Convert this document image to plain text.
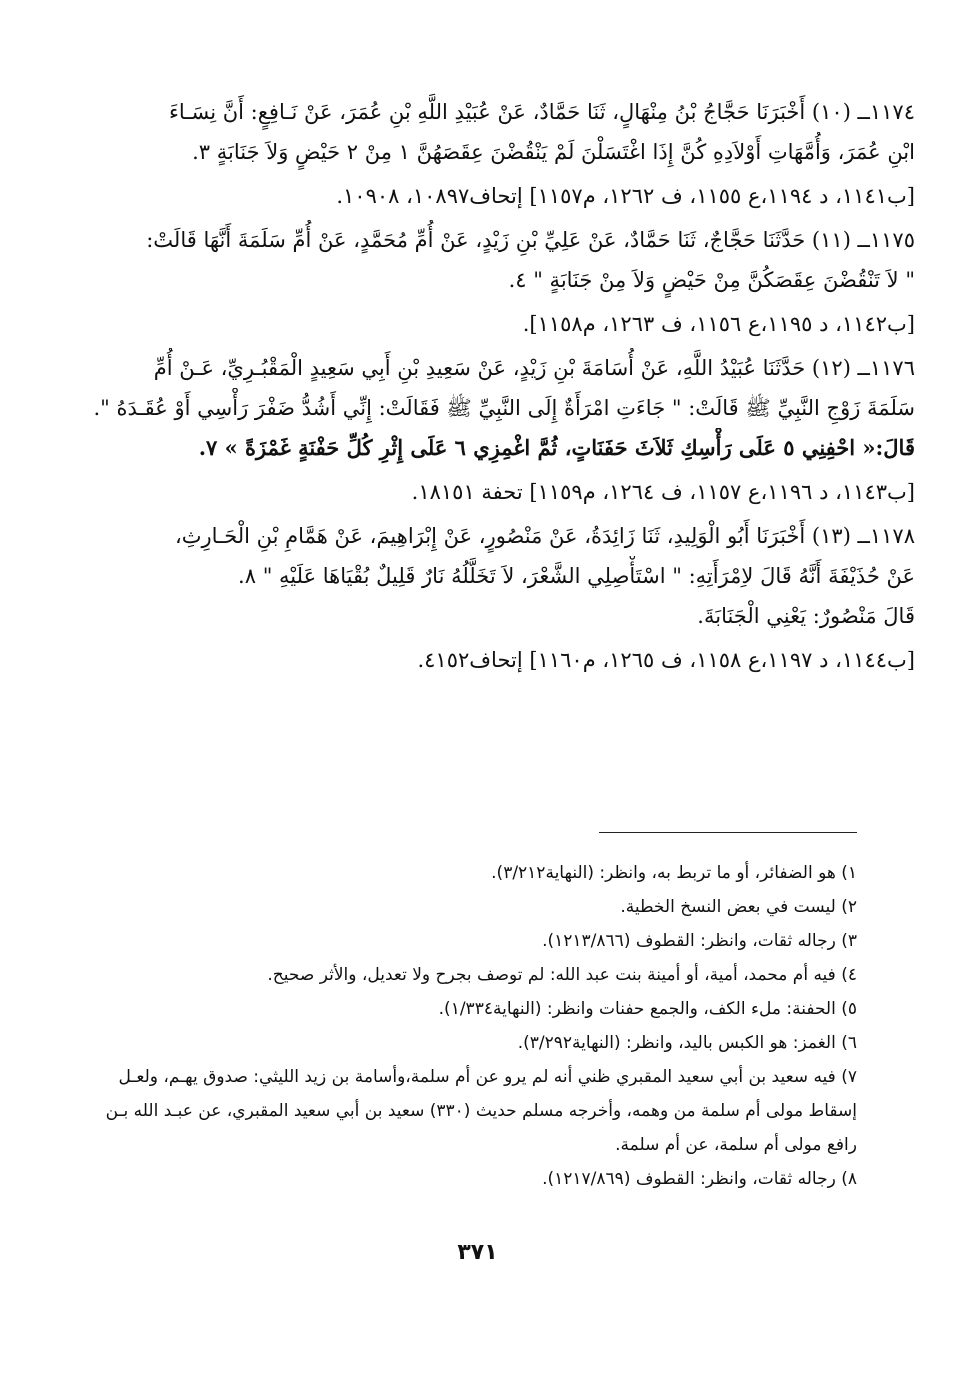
١١٧٤ــ (١٠) أَخْبَرَنَا حَجَّاجُ بْنُ مِنْهَالٍ، ثَنَا حَمَّادٌ، عَنْ عُبَيْدِ اللَّهِ بْنِ عُمَرَ، عَنْ نَـافِعٍ: أَنَّ نِسَـاءَ
ابْنِ عُمَرَ، وَأُمَّهَاتِ أَوْلاَدِهِ كُنَّ إِذَا اغْتَسَلْنَ لَمْ يَنْقُضْنَ عِقَصَهُنَّ ١ مِنْ ٢ حَيْضٍ وَلاَ جَنَابَةٍ ٣.
[ب١١٤١، د ١١٩٤،ع ١١٥٥، ف ١٢٦٢، م١١٥٧] إتحاف١٠٨٩٧، ١٠٩٠٨.
١١٧٥ــ (١١) حَدَّثَنَا حَجَّاجٌ، ثَنَا حَمَّادٌ، عَنْ عَلِيِّ بْنِ زَيْدٍ، عَنْ أُمِّ مُحَمَّدٍ، عَنْ أُمِّ سَلَمَةَ أَنَّهَا قَالَتْ:
" لاَ تَنْقُضْنَ عِقَصَكُنَّ مِنْ حَيْضٍ وَلاَ مِنْ جَنَابَةٍ " ٤.
[ب١١٤٢، د ١١٩٥،ع ١١٥٦، ف ١٢٦٣، م١١٥٨].
١١٧٦ــ (١٢) حَدَّثَنَا عُبَيْدُ اللَّهِ، عَنْ أُسَامَةَ بْنِ زَيْدٍ، عَنْ سَعِيدِ بْنِ أَبِي سَعِيدٍ الْمَقْبُـرِيِّ، عَـنْ أُمِّ
سَلَمَةَ زَوْجِ النَّبِيِّ ﷺ قَالَتْ: " جَاءَتِ امْرَأَةٌ إِلَى النَّبِيِّ ﷺ فَقَالَتْ: إِنِّي أَشُدُّ ضَفْرَ رَأْسِي أَوْ عُقَـدَهُ ".
قَالَ:« احْفِنِي ٥ عَلَى رَأْسِكِ ثَلاَثَ حَفَنَاتٍ، ثُمَّ اغْمِزِي ٦ عَلَى إِثْرِ كُلِّ حَفْنَةٍ غَمْزَةً » ٧.
[ب١١٤٣، د ١١٩٦،ع ١١٥٧، ف ١٢٦٤، م١١٥٩] تحفة ١٨١٥١.
١١٧٨ــ (١٣) أَخْبَرَنَا أَبُو الْوَلِيدِ، ثَنَا زَائِدَةُ، عَنْ مَنْصُورٍ، عَنْ إِبْرَاهِيمَ، عَنْ هَمَّامِ بْنِ الْحَـارِثِ،
عَنْ حُذَيْفَةَ أَنَّهُ قَالَ لاِمْرَأَتِهِ: " اسْتَأْصِلِي الشَّعْرَ، لاَ تَخَلَّلُهُ نَارٌ قَلِيلٌ بُقْيَاهَا عَلَيْهِ " ٨.
قَالَ مَنْصُورٌ: يَعْنِي الْجَنَابَةَ.
[ب١١٤٤، د ١١٩٧،ع ١١٥٨، ف ١٢٦٥، م١١٦٠] إتحاف٤١٥٢.
١) هو الضفائر، أو ما تربط به، وانظر: (النهاية٣/٢١٢).
٢) ليست في بعض النسخ الخطية.
٣) رجاله ثقات، وانظر: القطوف (١٢١٣/٨٦٦).
٤) فيه أم محمد، أمية، أو أمينة بنت عبد الله: لم توصف بجرح ولا تعديل، والأثر صحيح.
٥) الحفنة: ملء الكف، والجمع حفنات وانظر: (النهاية١/٣٣٤).
٦) الغمز: هو الكبس باليد، وانظر: (النهاية٣/٢٩٢).
٧) فيه سعيد بن أبي سعيد المقبري ظني أنه لم يرو عن أم سلمة،وأسامة بن زيد الليثي: صدوق يهـم، ولعـل
إسقاط مولى أم سلمة من وهمه، وأخرجه مسلم حديث (٣٣٠) سعيد بن أبي سعيد المقبري، عن عبـد الله بـن
رافع مولى أم سلمة، عن أم سلمة.
٨) رجاله ثقات، وانظر: القطوف (١٢١٧/٨٦٩).
٣٧١
